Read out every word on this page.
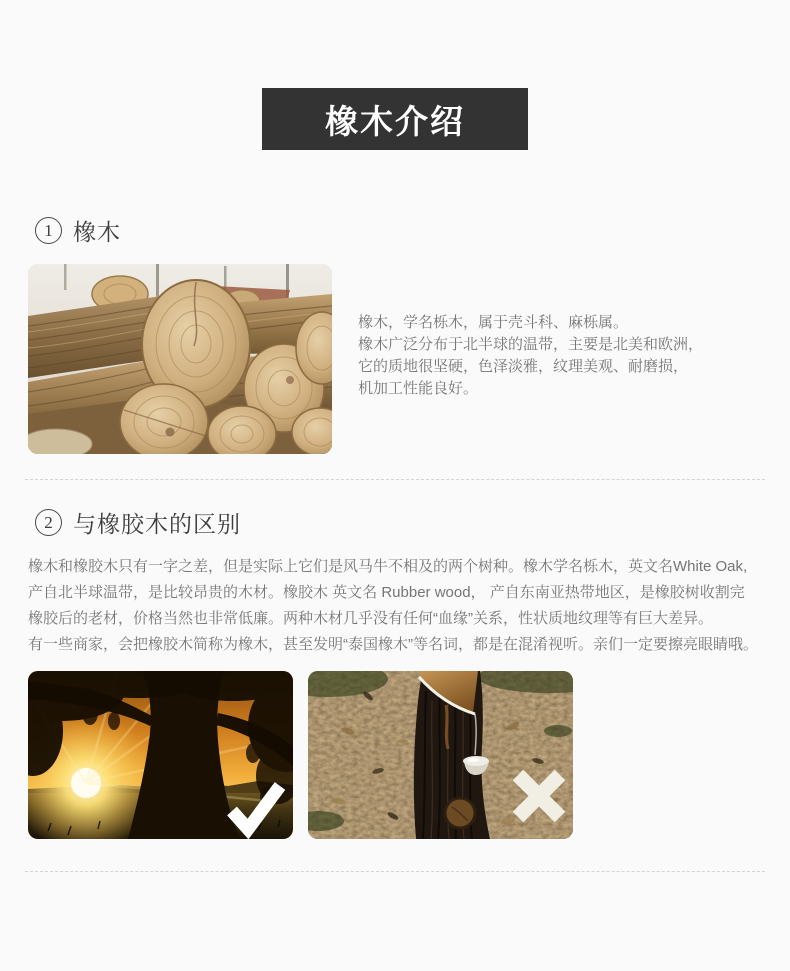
橡木介绍
1 橡木
橡木，学名栎木，属于壳斗科、麻栎属。
橡木广泛分布于北半球的温带，主要是北美和欧洲，
它的质地很坚硬，色泽淡雅，纹理美观、耐磨损，
机加工性能良好。
2 与橡胶木的区别
橡木和橡胶木只有一字之差，但是实际上它们是风马牛不相及的两个树种。橡木学名栎木，英文名White Oak,
产自北半球温带，是比较昂贵的木材。橡胶木 英文名 Rubber wood， 产自东南亚热带地区，是橡胶树收割完
橡胶后的老材，价格当然也非常低廉。两种木材几乎没有任何“血缘”关系，性状质地纹理等有巨大差异。
有一些商家，会把橡胶木简称为橡木，甚至发明“泰国橡木”等名词，都是在混淆视听。亲们一定要擦亮眼睛哦。
